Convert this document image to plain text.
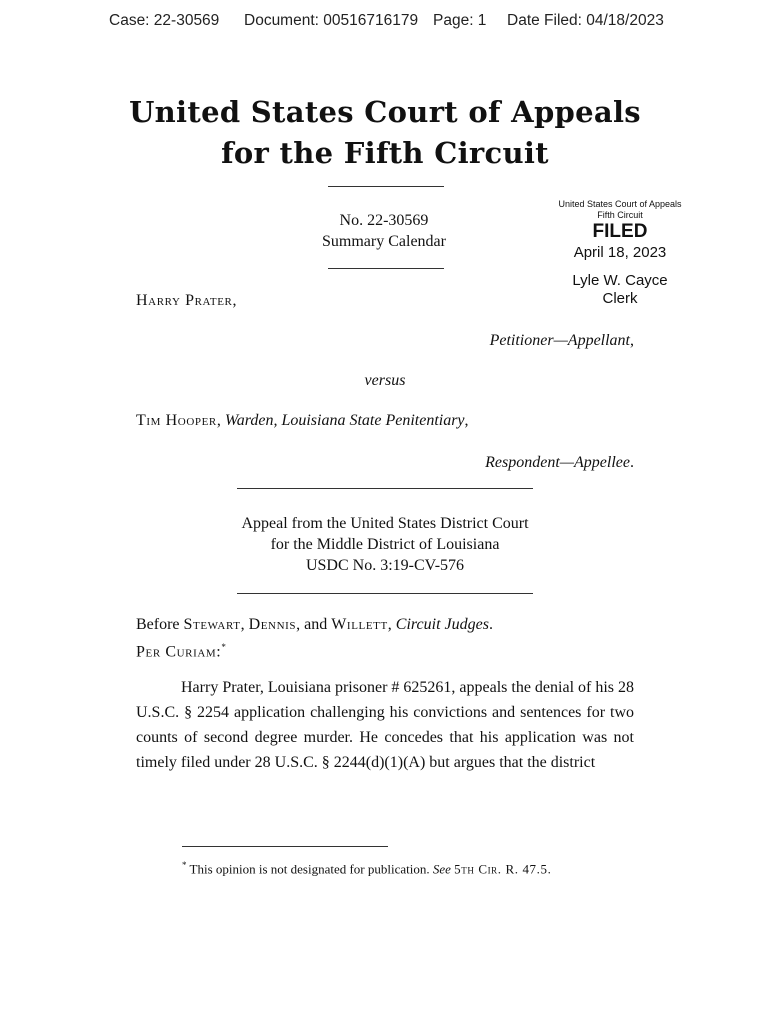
Case: 22-30569 Document: 00516716179 Page: 1 Date Filed: 04/18/2023
United States Court of Appeals
for the Fifth Circuit
No. 22-30569
Summary Calendar
United States Court of Appeals
Fifth Circuit
FILED
April 18, 2023
Lyle W. Cayce
Clerk
Harry Prater,
Petitioner—Appellant,
versus
Tim Hooper, Warden, Louisiana State Penitentiary,
Respondent—Appellee.
Appeal from the United States District Court
for the Middle District of Louisiana
USDC No. 3:19-CV-576
Before Stewart, Dennis, and Willett, Circuit Judges.
Per Curiam:*
Harry Prater, Louisiana prisoner # 625261, appeals the denial of his 28 U.S.C. § 2254 application challenging his convictions and sentences for two counts of second degree murder. He concedes that his application was not timely filed under 28 U.S.C. § 2244(d)(1)(A) but argues that the district
* This opinion is not designated for publication. See 5th Cir. R. 47.5.
